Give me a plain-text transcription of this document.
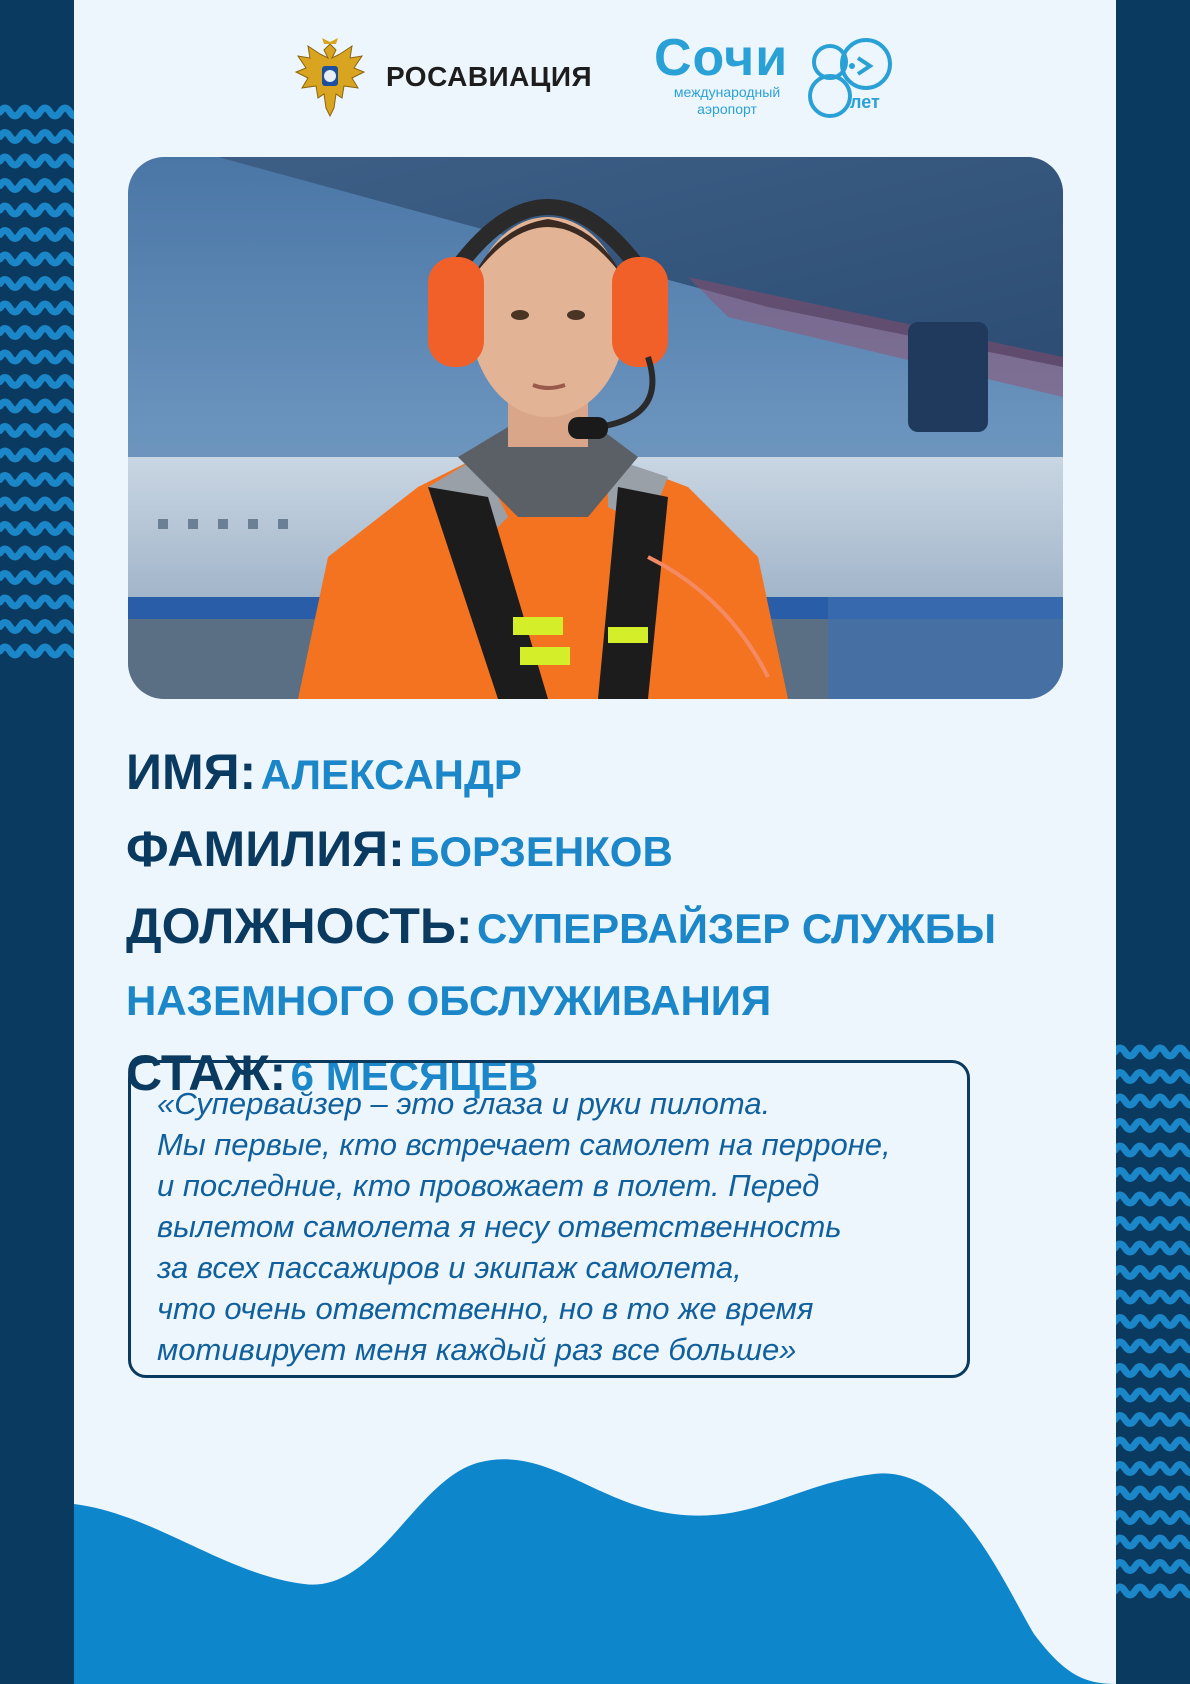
РОСАВИАЦИЯ Сочи
международный
аэропорт	лет
ИМЯ: АЛЕКСАНДР
ФАМИЛИЯ: БОРЗЕНКОВ
ДОЛЖНОСТЬ: СУПЕРВАЙЗЕР СЛУЖБЫ
НАЗЕМНОГО ОБСЛУЖИВАНИЯ
СТАЖ: 6 МЕСЯЦЕВ
«Супервайзер – это глаза и руки пилота.
Мы первые, кто встречает самолет на перроне,
и последние, кто провожает в полет. Перед
вылетом самолета я несу ответственность
за всех пассажиров и экипаж самолета,
что очень ответственно, но в то же время
мотивирует меня каждый раз все больше»
